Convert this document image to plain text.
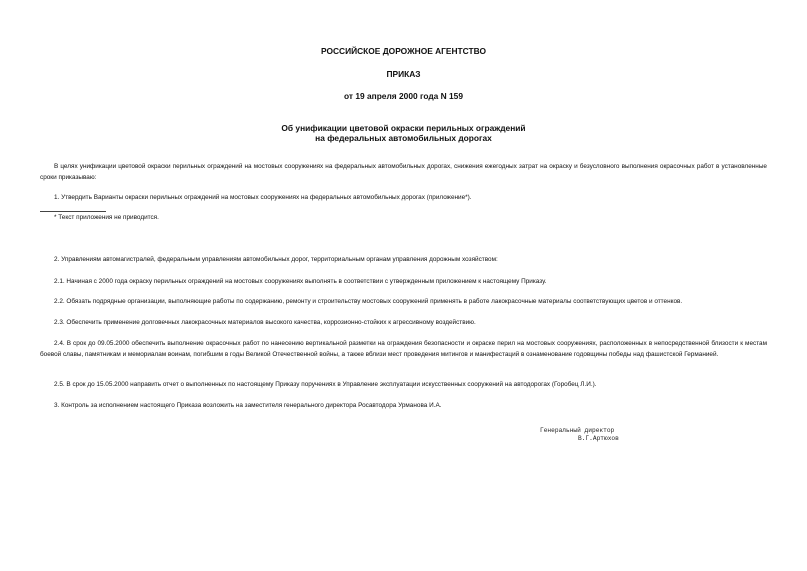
РОССИЙСКОЕ ДОРОЖНОЕ АГЕНТСТВО
ПРИКАЗ
от 19 апреля 2000 года N 159
Об унификации цветовой окраски перильных ограждений
на федеральных автомобильных дорогах
В целях унификации цветовой окраски перильных ограждений на мостовых сооружениях на федеральных автомобильных дорогах, снижения ежегодных затрат на окраску и безусловного выполнения окрасочных работ в установленные сроки приказываю:
1. Утвердить Варианты окраски перильных ограждений на мостовых сооружениях на федеральных автомобильных дорогах (приложение*).
* Текст приложения не приводится.
2. Управлениям автомагистралей, федеральным управлениям автомобильных дорог, территориальным органам управления дорожным хозяйством:
2.1. Начиная с 2000 года окраску перильных ограждений на мостовых сооружениях выполнять в соответствии с утвержденным приложением к настоящему Приказу.
2.2. Обязать подрядные организации, выполняющие работы по содержанию, ремонту и строительству мостовых сооружений применять в работе лакокрасочные материалы соответствующих цветов и оттенков.
2.3. Обеспечить применение долговечных лакокрасочных материалов высокого качества, коррозионно-стойких к агрессивному воздействию.
2.4. В срок до 09.05.2000 обеспечить выполнение окрасочных работ по нанесению вертикальной разметки на ограждения безопасности и окраске перил на мостовых сооружениях, расположенных в непосредственной близости к местам боевой славы, памятникам и мемориалам воинам, погибшим в годы Великой Отечественной войны, а также вблизи мест проведения митингов и манифестаций в ознаменование годовщины победы над фашистской Германией.
2.5. В срок до 15.05.2000 направить отчет о выполненных по настоящему Приказу поручениях в Управление эксплуатации искусственных сооружений на автодорогах (Горобец Л.И.).
3. Контроль за исполнением настоящего Приказа возложить на заместителя генерального директора Росавтодора Урманова И.А.
Генеральный директор
В.Г.Артюхов
